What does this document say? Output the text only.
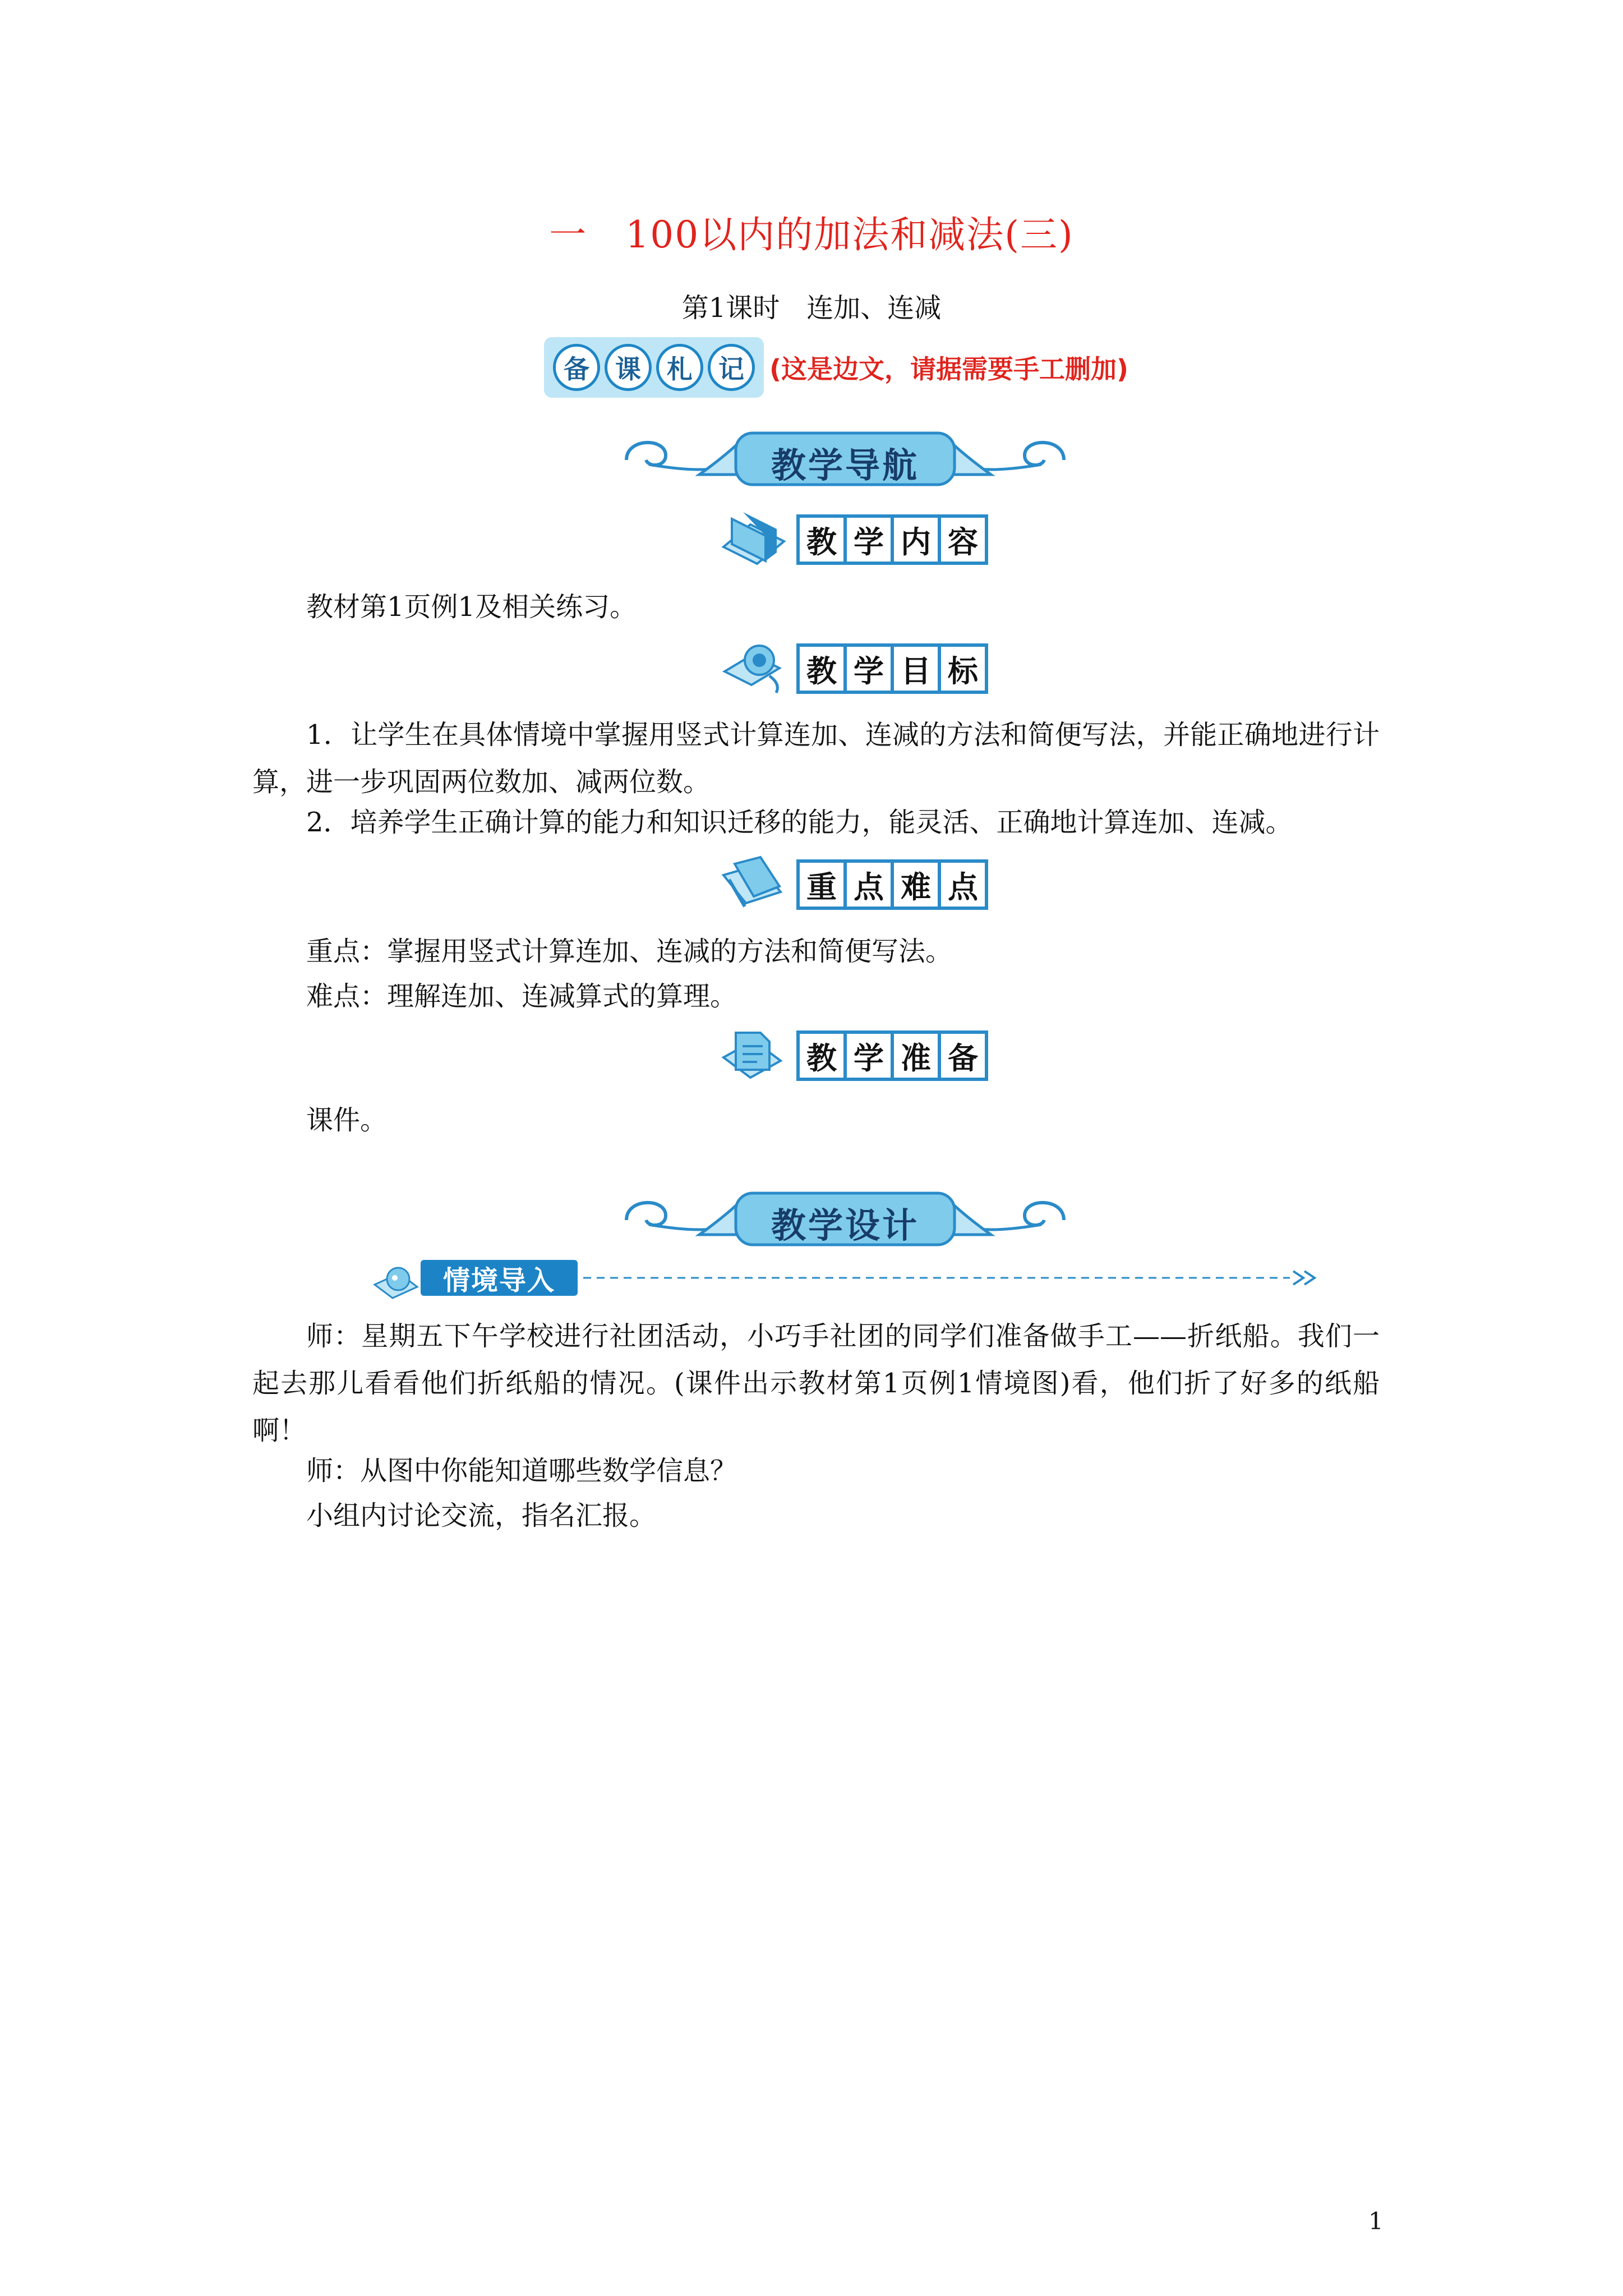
一　100以内的加法和减法(三)
第1课时　连加、连减
备	课	札	记 (这是边文，请据需要手工删加)
教学导航
教 学 内 容
教材第1页例1及相关练习。
教 学 目 标
1．让学生在具体情境中掌握用竖式计算连加、连减的方法和简便写法，并能正确地进行计算，进一步巩固两位数加、减两位数。
2．培养学生正确计算的能力和知识迁移的能力，能灵活、正确地计算连加、连减。
重 点 难 点
重点：掌握用竖式计算连加、连减的方法和简便写法。
难点：理解连加、连减算式的算理。
教 学 准 备
课件。
教学设计
情境导入
师：星期五下午学校进行社团活动，小巧手社团的同学们准备做手工——折纸船。我们一起去那儿看看他们折纸船的情况。(课件出示教材第1页例1情境图)看，他们折了好多的纸船啊！
师：从图中你能知道哪些数学信息？
小组内讨论交流，指名汇报。
1
